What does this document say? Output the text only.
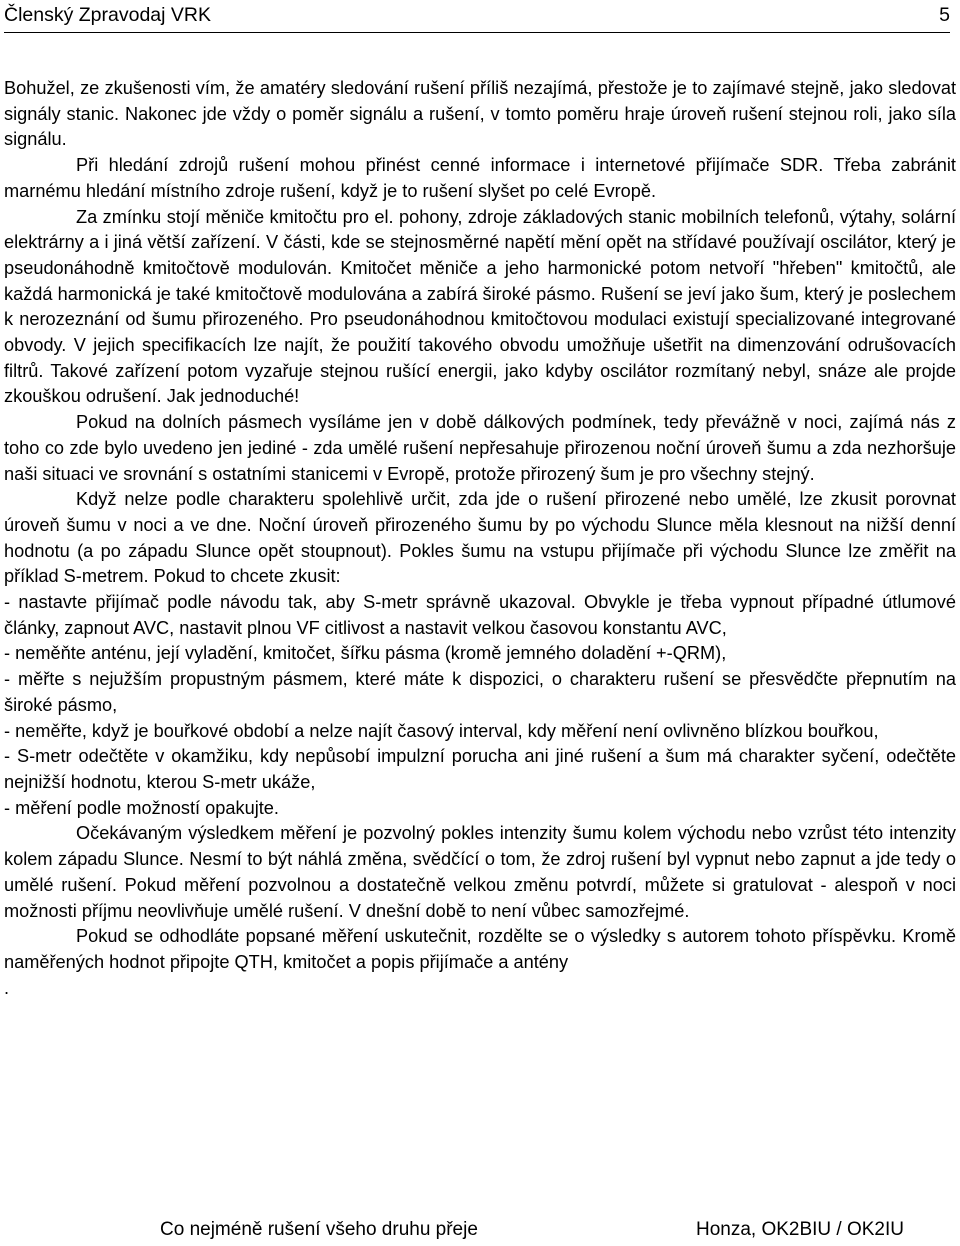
Členský Zpravodaj VRK	5

Bohužel, ze zkušenosti vím, že amatéry sledování rušení příliš nezajímá, přestože je to zajímavé stejně, jako sledovat signály stanic. Nakonec jde vždy o poměr signálu a rušení, v tomto poměru hraje úroveň rušení stejnou roli, jako síla signálu.

Při hledání zdrojů rušení mohou přinést cenné informace i internetové přijímače SDR. Třeba zabránit marnému hledání místního zdroje rušení, když je to rušení slyšet po celé Evropě.

Za zmínku stojí měniče kmitočtu pro el. pohony, zdroje základových stanic mobilních telefonů, výtahy, solární elektrárny a i jiná větší zařízení. V části, kde se stejnosměrné napětí mění opět na střídavé používají oscilátor, který je pseudonáhodně kmitočtově modulován. Kmitočet měniče a jeho harmonické potom netvoří "hřeben" kmitočtů, ale každá harmonická je také kmitočtově modulována a zabírá široké pásmo. Rušení se jeví jako šum, který je poslechem k nerozeznání od šumu přirozeného. Pro pseudonáhodnou kmitočtovou modulaci existují specializované integrované obvody. V jejich specifikacích lze najít, že použití takového obvodu umožňuje ušetřit na dimenzování odrušovacích filtrů. Takové zařízení potom vyzařuje stejnou rušící energii, jako kdyby oscilátor rozmítaný nebyl, snáze ale projde zkouškou odrušení. Jak jednoduché!

Pokud na dolních pásmech vysíláme jen v době dálkových podmínek, tedy převážně v noci, zajímá nás z toho co zde bylo uvedeno jen jediné - zda umělé rušení nepřesahuje přirozenou noční úroveň šumu a zda nezhoršuje naši situaci ve srovnání s ostatními stanicemi v Evropě, protože přirozený šum je pro všechny stejný.

Když nelze podle charakteru spolehlivě určit, zda jde o rušení přirozené nebo umělé, lze zkusit porovnat úroveň šumu v noci a ve dne. Noční úroveň přirozeného šumu by po východu Slunce měla klesnout na nižší denní hodnotu (a po západu Slunce opět stoupnout). Pokles šumu na vstupu přijímače při východu Slunce lze změřit na příklad S-metrem. Pokud to chcete zkusit:

- nastavte přijímač podle návodu tak, aby S-metr správně ukazoval. Obvykle je třeba vypnout případné útlumové články, zapnout AVC, nastavit plnou VF citlivost a nastavit velkou časovou konstantu AVC,

- neměňte anténu, její vyladění, kmitočet, šířku pásma (kromě jemného doladění +-QRM),

- měřte s nejužším propustným pásmem, které máte k dispozici, o charakteru rušení se přesvědčte přepnutím na široké pásmo,

- neměřte, když je bouřkové období a nelze najít časový interval, kdy měření není ovlivněno blízkou bouřkou,

- S-metr odečtěte v okamžiku, kdy nepůsobí impulzní porucha ani jiné rušení a šum má charakter syčení, odečtěte nejnižší hodnotu, kterou S-metr ukáže,

- měření podle možností opakujte.

Očekávaným výsledkem měření je pozvolný pokles intenzity šumu kolem východu nebo vzrůst této intenzity kolem západu Slunce. Nesmí to být náhlá změna, svědčící o tom, že zdroj rušení byl vypnut nebo zapnut a jde tedy o umělé rušení. Pokud měření pozvolnou a dostatečně velkou změnu potvrdí, můžete si gratulovat - alespoň v noci možnosti příjmu neovlivňuje umělé rušení. V dnešní době to není vůbec samozřejmé.

Pokud se odhodláte popsané měření uskutečnit, rozdělte se o výsledky s autorem tohoto příspěvku. Kromě naměřených hodnot připojte QTH, kmitočet a popis přijímače a antény

.

Co nejméně rušení všeho druhu přeje	Honza, OK2BIU / OK2IU
